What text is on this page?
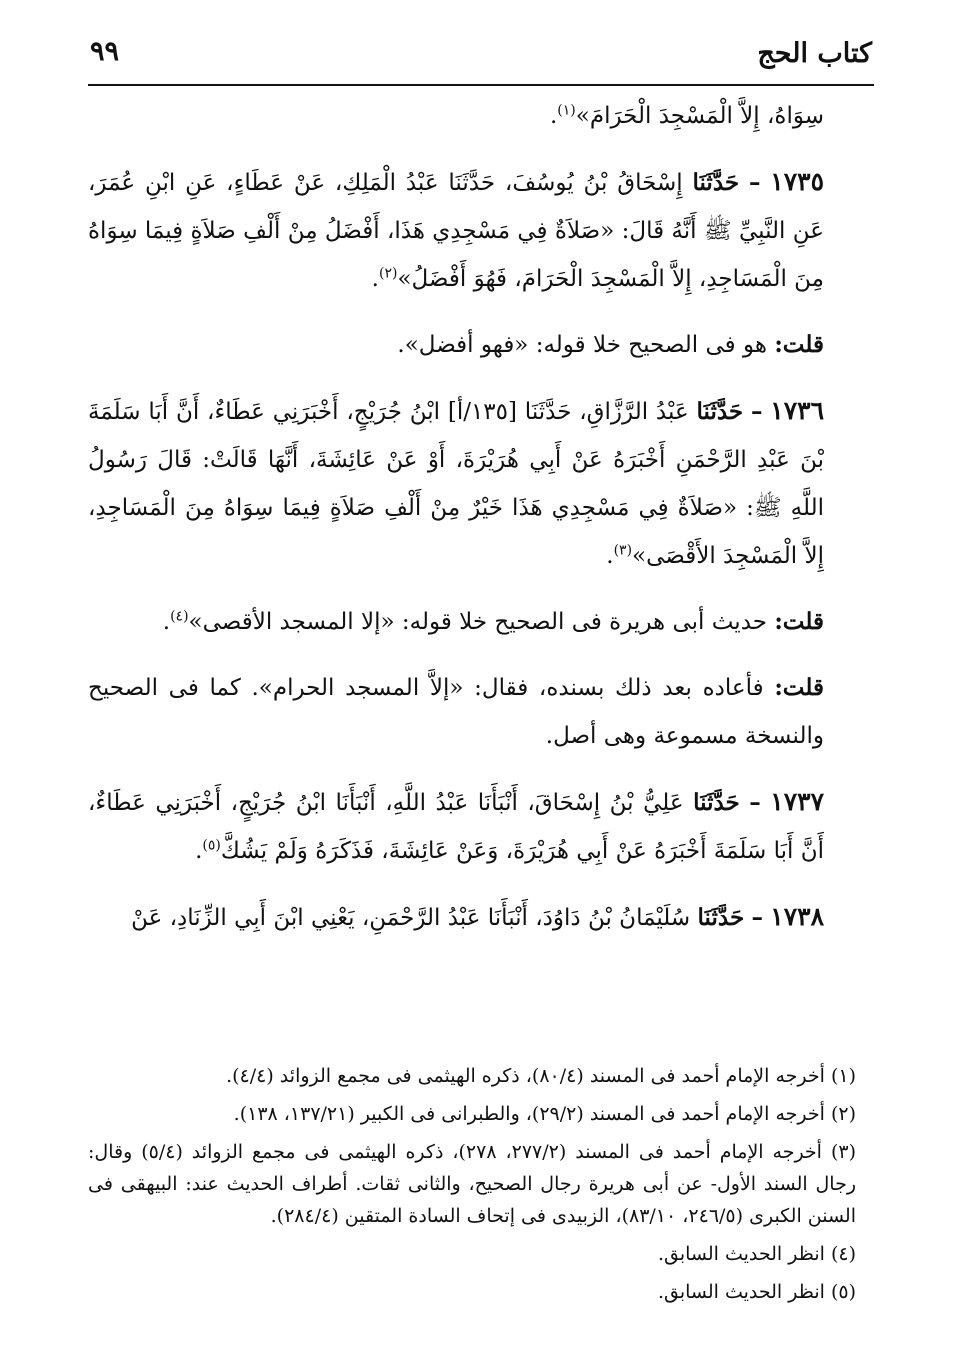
كتاب الحج
٩٩

سِوَاهُ، إِلاَّ الْمَسْجِدَ الْحَرَامَ»$^{(١)}$.

١٧٣٥ – حَدَّثَنَا إِسْحَاقُ بْنُ يُوسُفَ، حَدَّثَنَا عَبْدُ الْمَلِكِ، عَنْ عَطَاءٍ، عَنِ ابْنِ عُمَرَ، عَنِ النَّبِيِّ ﷺ أَنَّهُ قَالَ: «صَلاَةٌ فِي مَسْجِدِي هَذَا، أَفْضَلُ مِنْ أَلْفِ صَلاَةٍ فِيمَا سِوَاهُ مِنَ الْمَسَاجِدِ، إِلاَّ الْمَسْجِدَ الْحَرَامَ، فَهُوَ أَفْضَلُ»$^{(٢)}$.

قلت: هو فى الصحيح خلا قوله: «فهو أفضل».

١٧٣٦ – حَدَّثَنَا عَبْدُ الرَّزَّاقِ، حَدَّثَنَا [١٣٥/أ] ابْنُ جُرَيْجٍ، أَخْبَرَنِي عَطَاءٌ، أَنَّ أَبَا سَلَمَةَ بْنَ عَبْدِ الرَّحْمَنِ أَخْبَرَهُ عَنْ أَبِي هُرَيْرَةَ، أَوْ عَنْ عَائِشَةَ، أَنَّهَا قَالَتْ: قَالَ رَسُولُ اللَّهِ ﷺ: «صَلاَةٌ فِي مَسْجِدِي هَذَا خَيْرٌ مِنْ أَلْفِ صَلاَةٍ فِيمَا سِوَاهُ مِنَ الْمَسَاجِدِ، إِلاَّ الْمَسْجِدَ الأَقْصَى»$^{(٣)}$.

قلت: حديث أبى هريرة فى الصحيح خلا قوله: «إلا المسجد الأقصى»$^{(٤)}$.

قلت: فأعاده بعد ذلك بسنده، فقال: «إلاَّ المسجد الحرام». كما فى الصحيح والنسخة مسموعة وهى أصل.

١٧٣٧ – حَدَّثَنَا عَلِيُّ بْنُ إِسْحَاقَ، أَنْبَأَنَا عَبْدُ اللَّهِ، أَنْبَأَنَا ابْنُ جُرَيْجٍ، أَخْبَرَنِي عَطَاءٌ، أَنَّ أَبَا سَلَمَةَ أَخْبَرَهُ عَنْ أَبِي هُرَيْرَةَ، وَعَنْ عَائِشَةَ، فَذَكَرَهُ وَلَمْ يَشُكَّ$^{(٥)}$.

١٧٣٨ – حَدَّثَنَا سُلَيْمَانُ بْنُ دَاوُدَ، أَنْبَأَنَا عَبْدُ الرَّحْمَنِ، يَعْنِي ابْنَ أَبِي الزِّنَادِ، عَنْ

(١) أخرجه الإمام أحمد فى المسند (٨٠/٤)، ذكره الهيثمى فى مجمع الزوائد (٤/٤).

(٢) أخرجه الإمام أحمد فى المسند (٢٩/٢)، والطبرانى فى الكبير (١٣٧/٢١، ١٣٨).

(٣) أخرجه الإمام أحمد فى المسند (٢٧٧/٢، ٢٧٨)، ذكره الهيثمى فى مجمع الزوائد (٥/٤) وقال: رجال السند الأول- عن أبى هريرة رجال الصحيح، والثانى ثقات. أطراف الحديث عند: البيهقى فى السنن الكبرى (٢٤٦/٥، ٨٣/١٠)، الزبيدى فى إتحاف السادة المتقين (٢٨٤/٤).

(٤) انظر الحديث السابق.

(٥) انظر الحديث السابق.
